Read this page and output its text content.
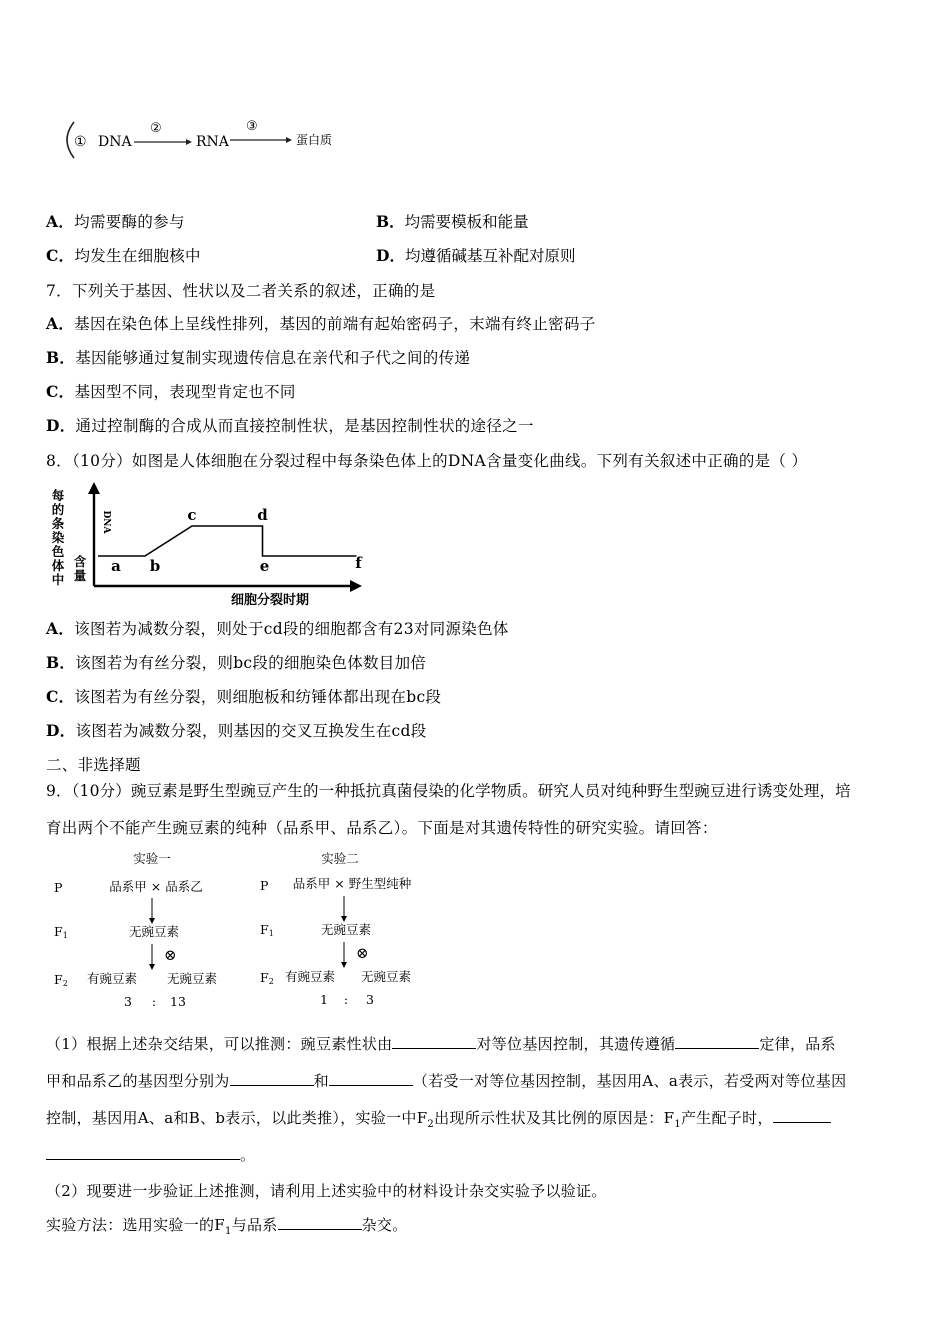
① DNA
②
RNA
③
蛋白质
A．均需要酶的参与	B．均需要模板和能量
C．均发生在细胞核中	D．均遵循碱基互补配对原则
7．下列关于基因、性状以及二者关系的叙述，正确的是
A．基因在染色体上呈线性排列，基因的前端有起始密码子，末端有终止密码子
B．基因能够通过复制实现遗传信息在亲代和子代之间的传递
C．基因型不同，表现型肯定也不同
D．通过控制酶的合成从而直接控制性状，是基因控制性状的途径之一
8．（10分）如图是人体细胞在分裂过程中每条染色体上的DNA含量变化曲线。下列有关叙述中正确的是（ ）
每
的
DNA
条
染
色
体
中
含
量
a b
c	d
e	f
细胞分裂时期
A．该图若为减数分裂，则处于cd段的细胞都含有23对同源染色体
B．该图若为有丝分裂，则bc段的细胞染色体数目加倍
C．该图若为有丝分裂，则细胞板和纺锤体都出现在bc段
D．该图若为减数分裂，则基因的交叉互换发生在cd段
二、非选择题
9．（10分）豌豆素是野生型豌豆产生的一种抵抗真菌侵染的化学物质。研究人员对纯种野生型豌豆进行诱变处理，培
育出两个不能产生豌豆素的纯种（品系甲、品系乙）。下面是对其遗传特性的研究实验。请回答：
实验一
P	品系甲 × 品系乙
F1	无豌豆素
⊗
F2 有豌豆素 无豌豆素
3 : 13
实验二
P 品系甲 × 野生型纯种
F1	无豌豆素
⊗
F2 有豌豆素 无豌豆素
1 : 3
（1）根据上述杂交结果，可以推测：豌豆素性状由	对等位基因控制，其遗传遵循	定律，品系
甲和品系乙的基因型分别为	和	（若受一对等位基因控制，基因用A、a表示，若受两对等位基因
控制，基因用A、a和B、b表示，以此类推），实验一中$F_2$出现所示性状及其比例的原因是：$F_1$产生配子时，
。
（2）现要进一步验证上述推测，请利用上述实验中的材料设计杂交实验予以验证。
实验方法：选用实验一的$F_1$与品系	杂交。
